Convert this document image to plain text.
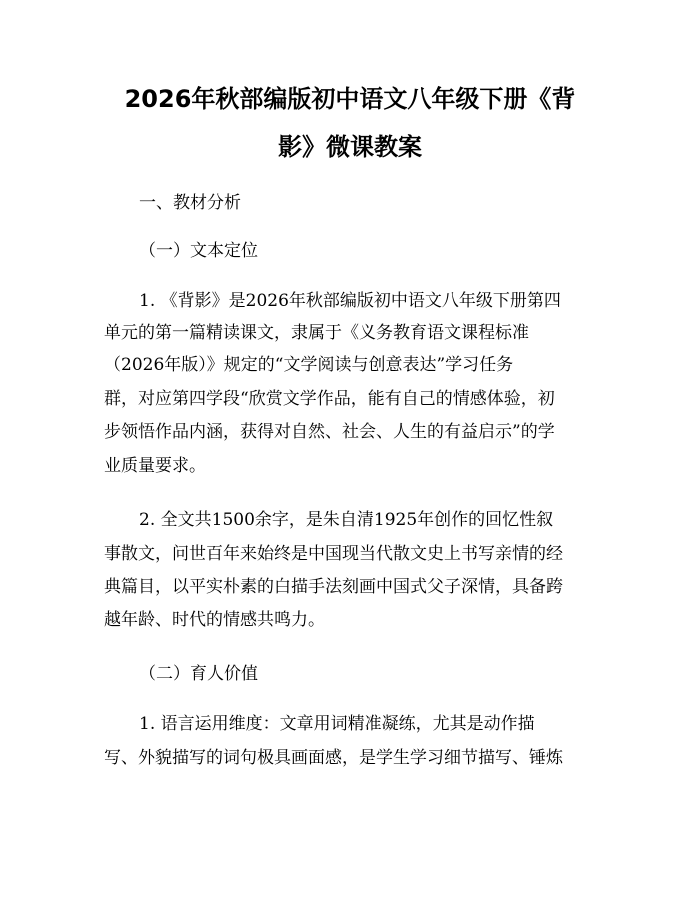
2026年秋部编版初中语文八年级下册《背
影》微课教案

一、教材分析

（一）文本定位

1. 《背影》是2026年秋部编版初中语文八年级下册第四

单元的第一篇精读课文，隶属于《义务教育语文课程标准

（2026年版）》规定的“文学阅读与创意表达”学习任务

群，对应第四学段“欣赏文学作品，能有自己的情感体验，初

步领悟作品内涵，获得对自然、社会、人生的有益启示”的学

业质量要求。

2. 全文共1500余字，是朱自清1925年创作的回忆性叙

事散文，问世百年来始终是中国现当代散文史上书写亲情的经

典篇目，以平实朴素的白描手法刻画中国式父子深情，具备跨

越年龄、时代的情感共鸣力。

（二）育人价值

1. 语言运用维度：文章用词精准凝练，尤其是动作描

写、外貌描写的词句极具画面感，是学生学习细节描写、锤炼
